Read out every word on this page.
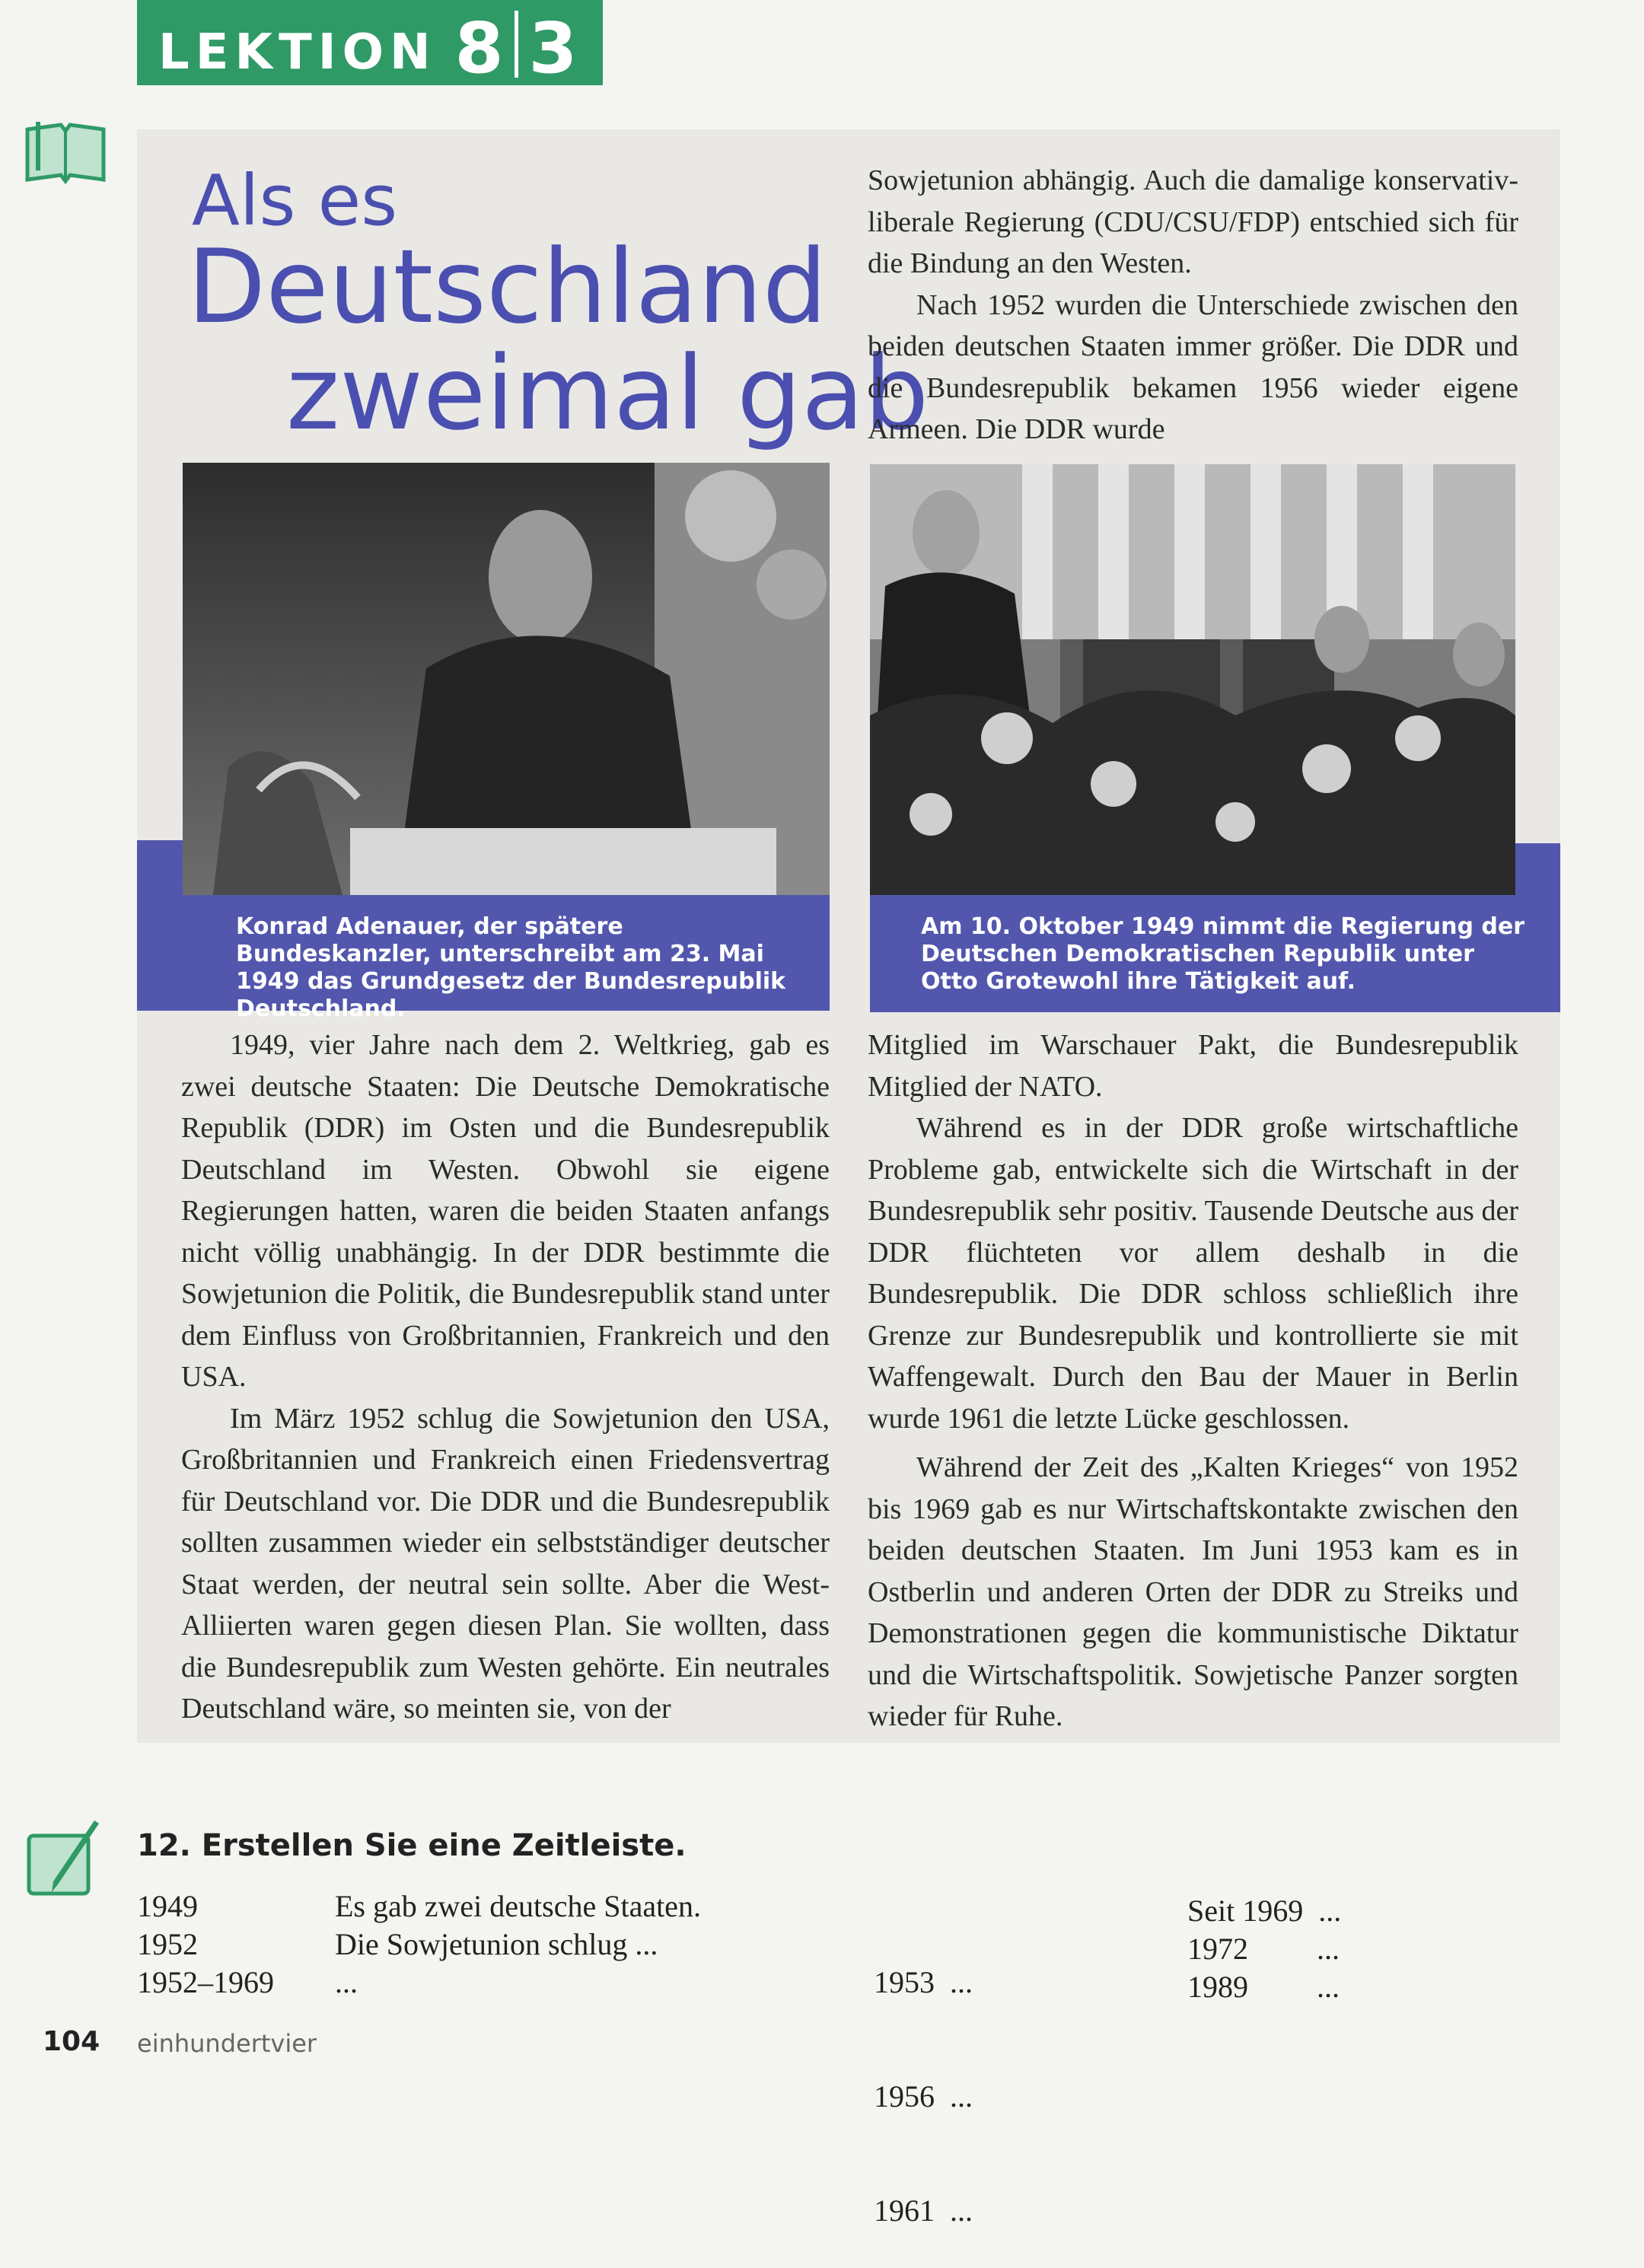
LEKTION 8 3
Als es
Deutschland
zweimal gab

Sowjetunion abhängig. Auch die damalige konservativ-liberale Regierung (CDU/CSU/FDP) entschied sich für die Bindung an den Westen.

Nach 1952 wurden die Unterschiede zwischen den beiden deutschen Staaten immer größer. Die DDR und die Bundesrepublik bekamen 1956 wieder eigene Armeen. Die DDR wurde

Konrad Adenauer, der spätere Bundeskanzler, unterschreibt am 23. Mai 1949 das Grundgesetz der Bundesrepublik Deutschland.
Am 10. Oktober 1949 nimmt die Regierung der Deutschen Demokratischen Republik unter Otto Grotewohl ihre Tätigkeit auf.

1949, vier Jahre nach dem 2. Weltkrieg, gab es zwei deutsche Staaten: Die Deutsche Demokratische Republik (DDR) im Osten und die Bundesrepublik Deutschland im Westen. Obwohl sie eigene Regierungen hatten, waren die beiden Staaten anfangs nicht völlig unabhängig. In der DDR bestimmte die Sowjetunion die Politik, die Bundesrepublik stand unter dem Einfluss von Großbritannien, Frankreich und den USA.

Im März 1952 schlug die Sowjetunion den USA, Großbritannien und Frankreich einen Friedensvertrag für Deutschland vor. Die DDR und die Bundesrepublik sollten zusammen wieder ein selbstständiger deutscher Staat werden, der neutral sein sollte. Aber die West-Alliierten waren gegen diesen Plan. Sie wollten, dass die Bundesrepublik zum Westen gehörte. Ein neutrales Deutschland wäre, so meinten sie, von der

Mitglied im Warschauer Pakt, die Bundesrepublik Mitglied der NATO.

Während es in der DDR große wirtschaftliche Probleme gab, entwickelte sich die Wirtschaft in der Bundesrepublik sehr positiv. Tausende Deutsche aus der DDR flüchteten vor allem deshalb in die Bundesrepublik. Die DDR schloss schließlich ihre Grenze zur Bundesrepublik und kontrollierte sie mit Waffengewalt. Durch den Bau der Mauer in Berlin wurde 1961 die letzte Lücke geschlossen.

Während der Zeit des „Kalten Krieges“ von 1952 bis 1969 gab es nur Wirtschaftskontakte zwischen den beiden deutschen Staaten. Im Juni 1953 kam es in Ostberlin und anderen Orten der DDR zu Streiks und Demonstrationen gegen die kommunistische Diktatur und die Wirtschaftspolitik. Sowjetische Panzer sorgten wieder für Ruhe.

12. Erstellen Sie eine Zeitleiste.
1949
1952
1952–1969
Es gab zwei deutsche Staaten.
Die Sowjetunion schlug ...
...

	1953  ...

1956  ...

1961  ...

Seit 1969  ...
1972         ...
1989         ...
104 einhundertvier
